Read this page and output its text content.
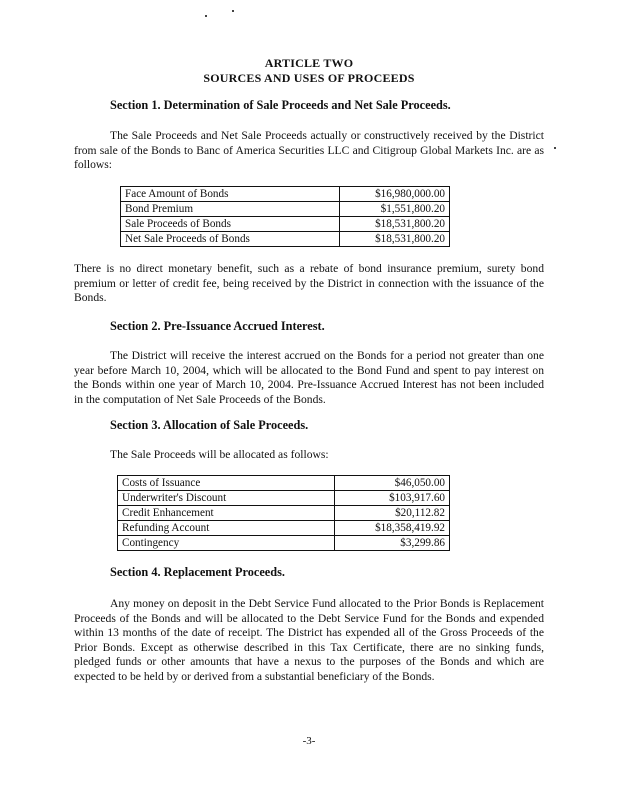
ARTICLE TWO
SOURCES AND USES OF PROCEEDS
Section 1. Determination of Sale Proceeds and Net Sale Proceeds.

The Sale Proceeds and Net Sale Proceeds actually or constructively received by the District from sale of the Bonds to Banc of America Securities LLC and Citigroup Global Markets Inc. are as follows:

Face Amount of Bonds	$16,980,000.00
Bond Premium	$1,551,800.20
Sale Proceeds of Bonds	$18,531,800.20
Net Sale Proceeds of Bonds	$18,531,800.20

There is no direct monetary benefit, such as a rebate of bond insurance premium, surety bond premium or letter of credit fee, being received by the District in connection with the issuance of the Bonds.

Section 2. Pre-Issuance Accrued Interest.

The District will receive the interest accrued on the Bonds for a period not greater than one year before March 10, 2004, which will be allocated to the Bond Fund and spent to pay interest on the Bonds within one year of March 10, 2004. Pre-Issuance Accrued Interest has not been included in the computation of Net Sale Proceeds of the Bonds.

Section 3. Allocation of Sale Proceeds.

The Sale Proceeds will be allocated as follows:

Costs of Issuance	$46,050.00
Underwriter's Discount	$103,917.60
Credit Enhancement	$20,112.82
Refunding Account	$18,358,419.92
Contingency	$3,299.86
Section 4. Replacement Proceeds.

Any money on deposit in the Debt Service Fund allocated to the Prior Bonds is Replacement Proceeds of the Bonds and will be allocated to the Debt Service Fund for the Bonds and expended within 13 months of the date of receipt. The District has expended all of the Gross Proceeds of the Prior Bonds. Except as otherwise described in this Tax Certificate, there are no sinking funds, pledged funds or other amounts that have a nexus to the purposes of the Bonds and which are expected to be held by or derived from a substantial beneficiary of the Bonds.

-3-
